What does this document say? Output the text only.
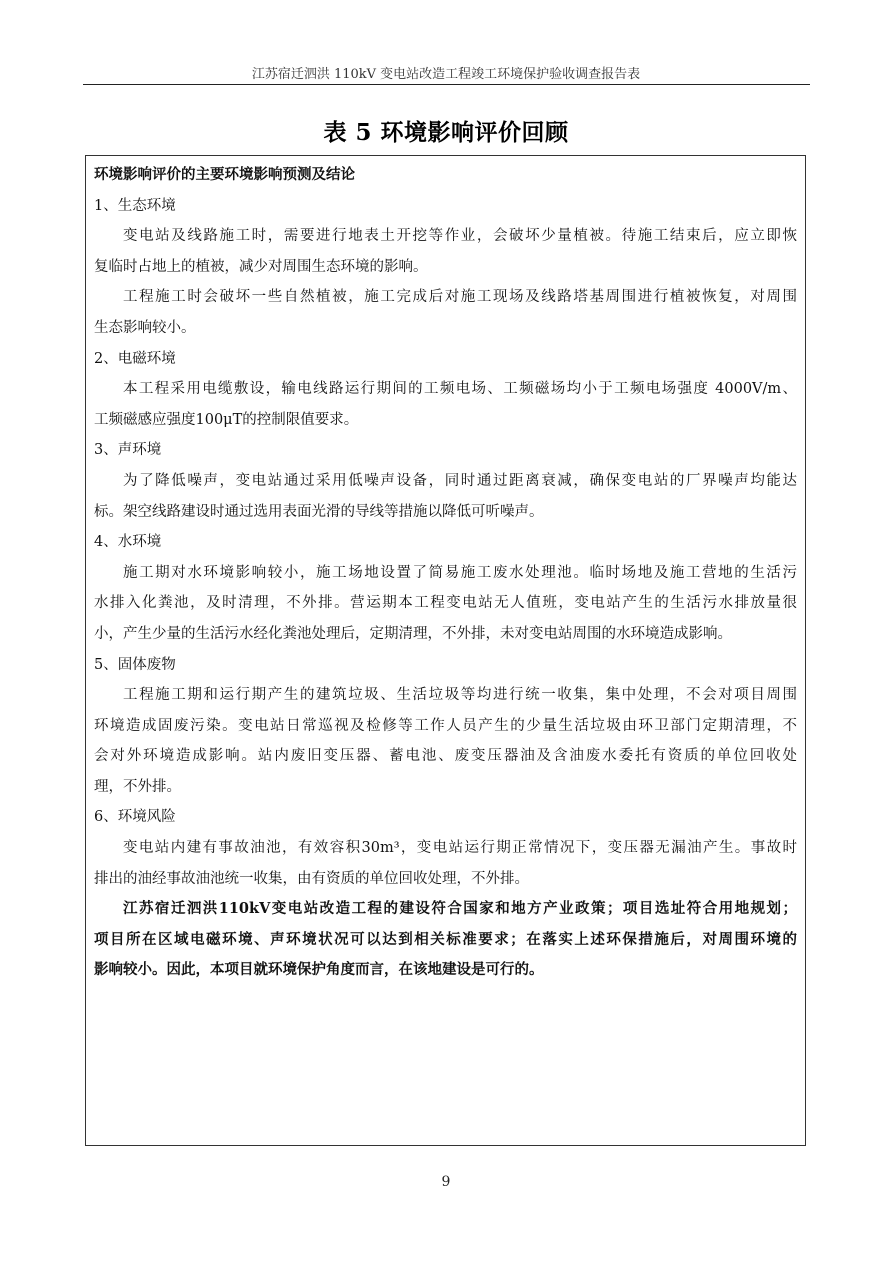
江苏宿迁泗洪 110kV 变电站改造工程竣工环境保护验收调查报告表
表 5 环境影响评价回顾
环境影响评价的主要环境影响预测及结论
1、生态环境
变电站及线路施工时，需要进行地表土开挖等作业，会破坏少量植被。待施工结束后，应立即恢
复临时占地上的植被，减少对周围生态环境的影响。
工程施工时会破坏一些自然植被，施工完成后对施工现场及线路塔基周围进行植被恢复，对周围
生态影响较小。
2、电磁环境
本工程采用电缆敷设，输电线路运行期间的工频电场、工频磁场均小于工频电场强度 4000V/m、
工频磁感应强度100μT的控制限值要求。
3、声环境
为了降低噪声，变电站通过采用低噪声设备，同时通过距离衰减，确保变电站的厂界噪声均能达
标。架空线路建设时通过选用表面光滑的导线等措施以降低可听噪声。
4、水环境
施工期对水环境影响较小，施工场地设置了简易施工废水处理池。临时场地及施工营地的生活污
水排入化粪池，及时清理，不外排。营运期本工程变电站无人值班，变电站产生的生活污水排放量很
小，产生少量的生活污水经化粪池处理后，定期清理，不外排，未对变电站周围的水环境造成影响。
5、固体废物
工程施工期和运行期产生的建筑垃圾、生活垃圾等均进行统一收集，集中处理，不会对项目周围
环境造成固废污染。变电站日常巡视及检修等工作人员产生的少量生活垃圾由环卫部门定期清理，不
会对外环境造成影响。站内废旧变压器、蓄电池、废变压器油及含油废水委托有资质的单位回收处
理，不外排。
6、环境风险
变电站内建有事故油池，有效容积30m³，变电站运行期正常情况下，变压器无漏油产生。事故时
排出的油经事故油池统一收集，由有资质的单位回收处理，不外排。
江苏宿迁泗洪110kV变电站改造工程的建设符合国家和地方产业政策；项目选址符合用地规划；
项目所在区域电磁环境、声环境状况可以达到相关标准要求；在落实上述环保措施后，对周围环境的
影响较小。因此，本项目就环境保护角度而言，在该地建设是可行的。
9
